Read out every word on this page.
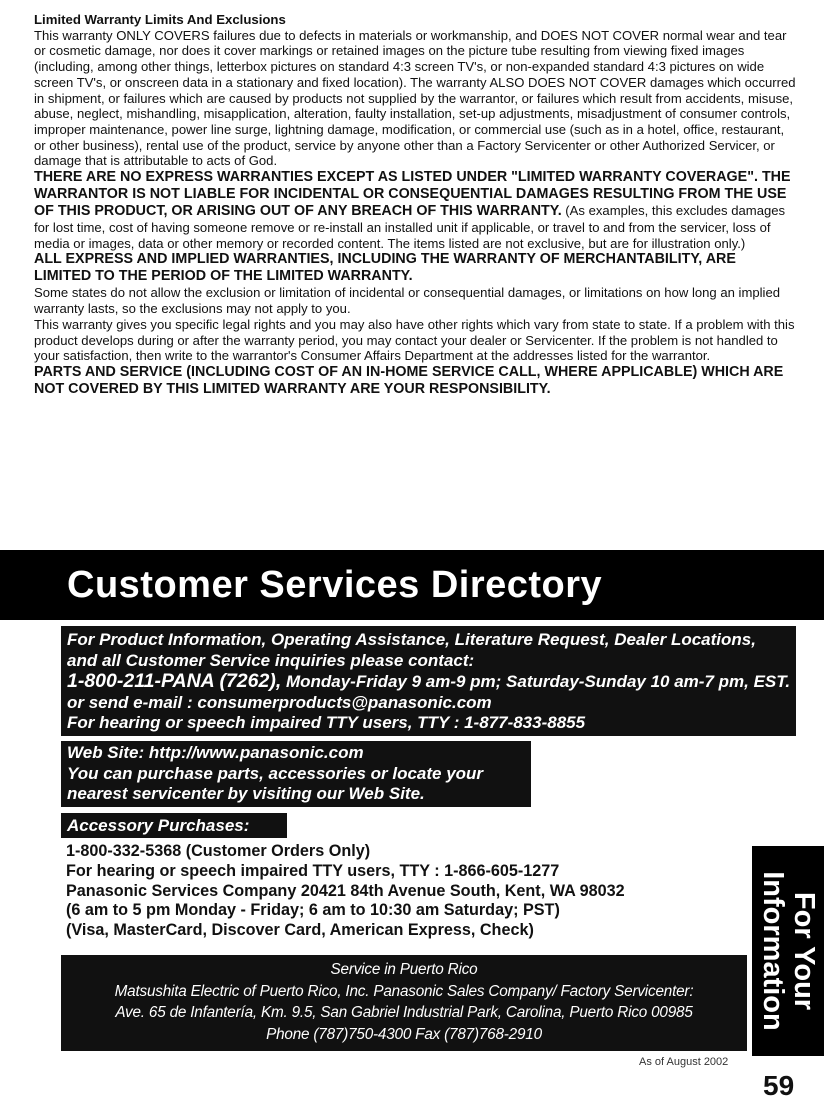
Limited Warranty Limits And Exclusions

This warranty ONLY COVERS failures due to defects in materials or workmanship, and DOES NOT COVER normal wear and tear or cosmetic damage, nor does it cover markings or retained images on the picture tube resulting from viewing fixed images (including, among other things, letterbox pictures on standard 4:3 screen TV's, or non-expanded standard 4:3 pictures on wide screen TV's, or onscreen data in a stationary and fixed location). The warranty ALSO DOES NOT COVER damages which occurred in shipment, or failures which are caused by products not supplied by the warrantor, or failures which result from accidents, misuse, abuse, neglect, mishandling, misapplication, alteration, faulty installation, set-up adjustments, misadjustment of consumer controls, improper maintenance, power line surge, lightning damage, modification, or commercial use (such as in a hotel, office, restaurant, or other business), rental use of the product, service by anyone other than a Factory Servicenter or other Authorized Servicer, or damage that is attributable to acts of God.

THERE ARE NO EXPRESS WARRANTIES EXCEPT AS LISTED UNDER "LIMITED WARRANTY COVERAGE". THE WARRANTOR IS NOT LIABLE FOR INCIDENTAL OR CONSEQUENTIAL DAMAGES RESULTING FROM THE USE OF THIS PRODUCT, OR ARISING OUT OF ANY BREACH OF THIS WARRANTY. (As examples, this excludes damages for lost time, cost of having someone remove or re-install an installed unit if applicable, or travel to and from the servicer, loss of media or images, data or other memory or recorded content. The items listed are not exclusive, but are for illustration only.)

ALL EXPRESS AND IMPLIED WARRANTIES, INCLUDING THE WARRANTY OF MERCHANTABILITY, ARE LIMITED TO THE PERIOD OF THE LIMITED WARRANTY.

Some states do not allow the exclusion or limitation of incidental or consequential damages, or limitations on how long an implied warranty lasts, so the exclusions may not apply to you.

This warranty gives you specific legal rights and you may also have other rights which vary from state to state. If a problem with this product develops during or after the warranty period, you may contact your dealer or Servicenter. If the problem is not handled to your satisfaction, then write to the warrantor's Consumer Affairs Department at the addresses listed for the warrantor.

PARTS AND SERVICE (INCLUDING COST OF AN IN-HOME SERVICE CALL, WHERE APPLICABLE) WHICH ARE NOT COVERED BY THIS LIMITED WARRANTY ARE YOUR RESPONSIBILITY.

Customer Services Directory
For Product Information, Operating Assistance, Literature Request, Dealer Locations,
and all Customer Service inquiries please contact:
1-800-211-PANA (7262), Monday-Friday 9 am-9 pm; Saturday-Sunday 10 am-7 pm, EST.
or send e-mail : consumerproducts@panasonic.com
For hearing or speech impaired TTY users, TTY : 1-877-833-8855
Web Site: http://www.panasonic.com
You can purchase parts, accessories or locate your
nearest servicenter by visiting our Web Site.
Accessory Purchases:

1-800-332-5368 (Customer Orders Only)

For hearing or speech impaired TTY users, TTY : 1-866-605-1277

Panasonic Services Company 20421 84th Avenue South, Kent, WA 98032

(6 am to 5 pm Monday - Friday; 6 am to 10:30 am Saturday; PST)

(Visa, MasterCard, Discover Card, American Express, Check)	For Your Information

Service in Puerto Rico

Matsushita Electric of Puerto Rico, Inc. Panasonic Sales Company/ Factory Servicenter:

Ave. 65 de Infantería, Km. 9.5, San Gabriel Industrial Park, Carolina, Puerto Rico 00985

Phone (787)750-4300 Fax (787)768-2910

As of August 2002
59
